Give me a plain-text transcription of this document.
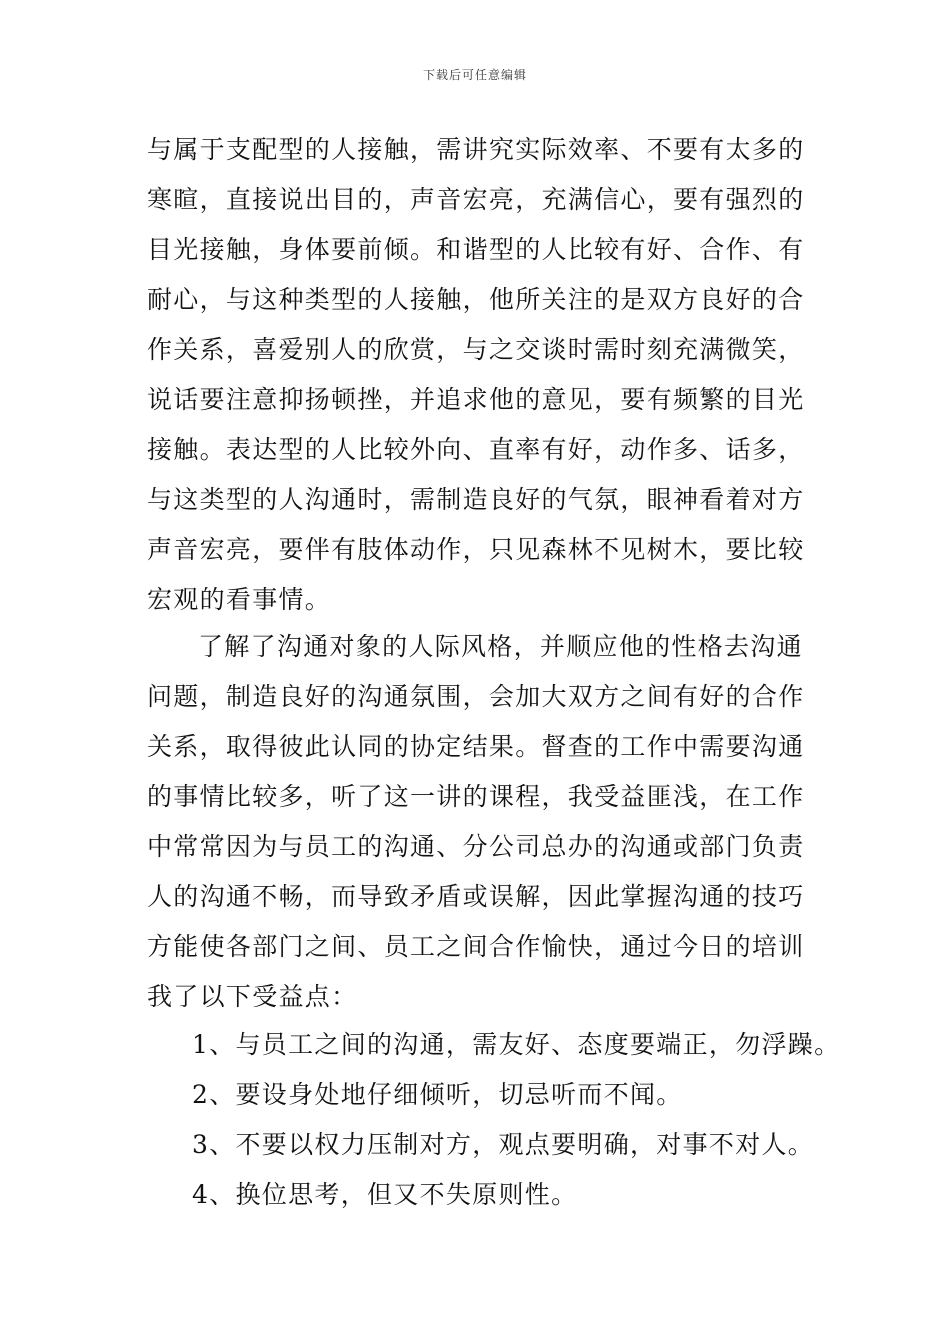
下载后可任意编辑
与属于支配型的人接触，需讲究实际效率、不要有太多的
寒暄，直接说出目的，声音宏亮，充满信心，要有强烈的
目光接触，身体要前倾。和谐型的人比较有好、合作、有
耐心，与这种类型的人接触，他所关注的是双方良好的合
作关系，喜爱别人的欣赏，与之交谈时需时刻充满微笑，
说话要注意抑扬顿挫，并追求他的意见，要有频繁的目光
接触。表达型的人比较外向、直率有好，动作多、话多，
与这类型的人沟通时，需制造良好的气氛，眼神看着对方
声音宏亮，要伴有肢体动作，只见森林不见树木，要比较
宏观的看事情。
了解了沟通对象的人际风格，并顺应他的性格去沟通
问题，制造良好的沟通氛围，会加大双方之间有好的合作
关系，取得彼此认同的协定结果。督查的工作中需要沟通
的事情比较多，听了这一讲的课程，我受益匪浅，在工作
中常常因为与员工的沟通、分公司总办的沟通或部门负责
人的沟通不畅，而导致矛盾或误解，因此掌握沟通的技巧
方能使各部门之间、员工之间合作愉快，通过今日的培训
我了以下受益点：
1、与员工之间的沟通，需友好、态度要端正，勿浮躁。
2、要设身处地仔细倾听，切忌听而不闻。
3、不要以权力压制对方，观点要明确，对事不对人。
4、换位思考，但又不失原则性。
